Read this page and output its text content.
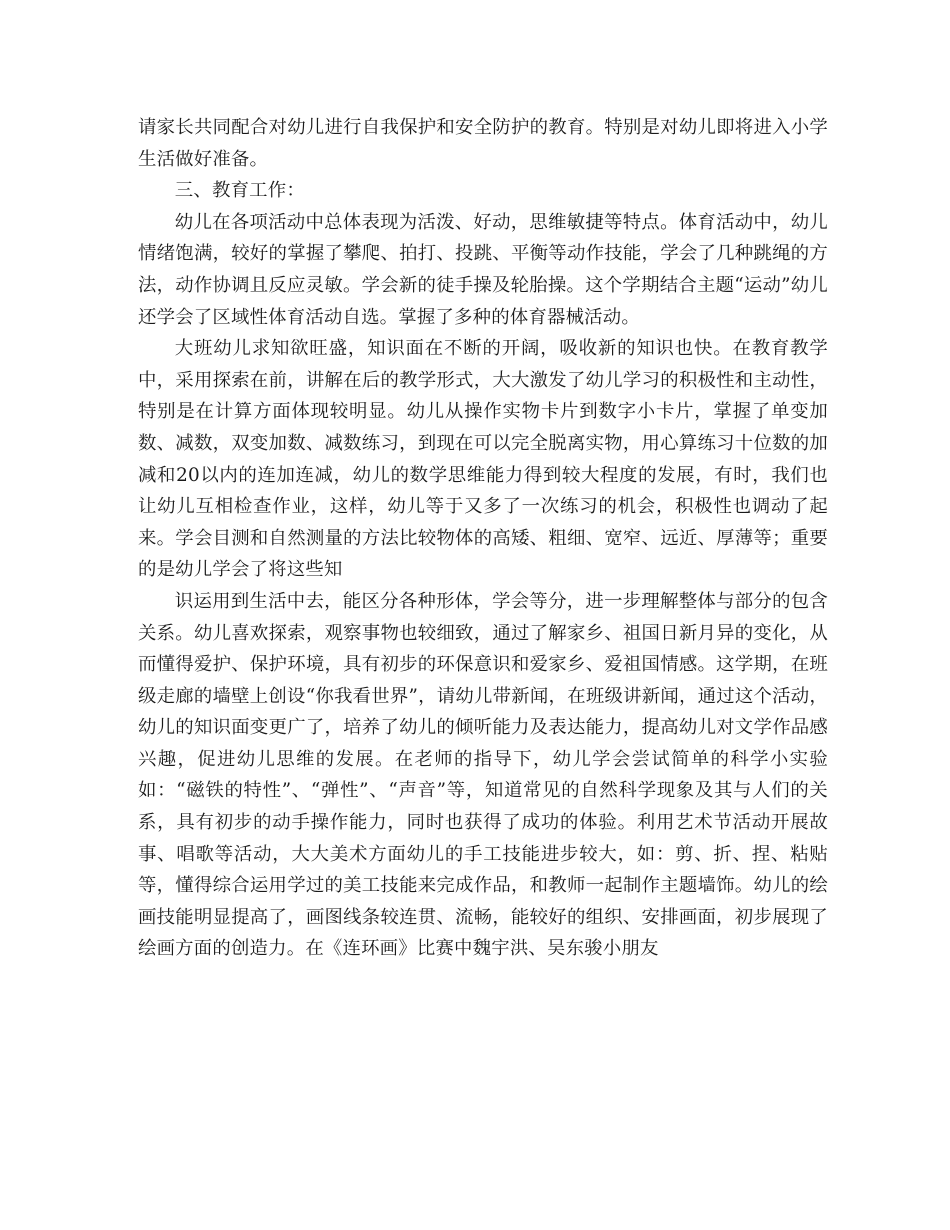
请家长共同配合对幼儿进行自我保护和安全防护的教育。特别是对幼儿即将进入小学生活做好准备。

三、教育工作：

幼儿在各项活动中总体表现为活泼、好动，思维敏捷等特点。体育活动中，幼儿情绪饱满，较好的掌握了攀爬、拍打、投跳、平衡等动作技能，学会了几种跳绳的方法，动作协调且反应灵敏。学会新的徒手操及轮胎操。这个学期结合主题“运动”幼儿还学会了区域性体育活动自选。掌握了多种的体育器械活动。

大班幼儿求知欲旺盛，知识面在不断的开阔，吸收新的知识也快。在教育教学中，采用探索在前，讲解在后的教学形式，大大激发了幼儿学习的积极性和主动性，特别是在计算方面体现较明显。幼儿从操作实物卡片到数字小卡片，掌握了单变加数、减数，双变加数、减数练习，到现在可以完全脱离实物，用心算练习十位数的加减和20以内的连加连减，幼儿的数学思维能力得到较大程度的发展，有时，我们也让幼儿互相检查作业，这样，幼儿等于又多了一次练习的机会，积极性也调动了起来。学会目测和自然测量的方法比较物体的高矮、粗细、宽窄、远近、厚薄等；重要的是幼儿学会了将这些知

识运用到生活中去，能区分各种形体，学会等分，进一步理解整体与部分的包含关系。幼儿喜欢探索，观察事物也较细致，通过了解家乡、祖国日新月异的变化，从而懂得爱护、保护环境，具有初步的环保意识和爱家乡、爱祖国情感。这学期，在班级走廊的墙壁上创设“你我看世界”，请幼儿带新闻，在班级讲新闻，通过这个活动，幼儿的知识面变更广了，培养了幼儿的倾听能力及表达能力，提高幼儿对文学作品感兴趣，促进幼儿思维的发展。在老师的指导下，幼儿学会尝试简单的科学小实验如：“磁铁的特性”、“弹性”、“声音”等，知道常见的自然科学现象及其与人们的关系，具有初步的动手操作能力，同时也获得了成功的体验。利用艺术节活动开展故事、唱歌等活动，大大美术方面幼儿的手工技能进步较大，如：剪、折、捏、粘贴等，懂得综合运用学过的美工技能来完成作品，和教师一起制作主题墙饰。幼儿的绘画技能明显提高了，画图线条较连贯、流畅，能较好的组织、安排画面，初步展现了绘画方面的创造力。在《连环画》比赛中魏宇洪、吴东骏小朋友
